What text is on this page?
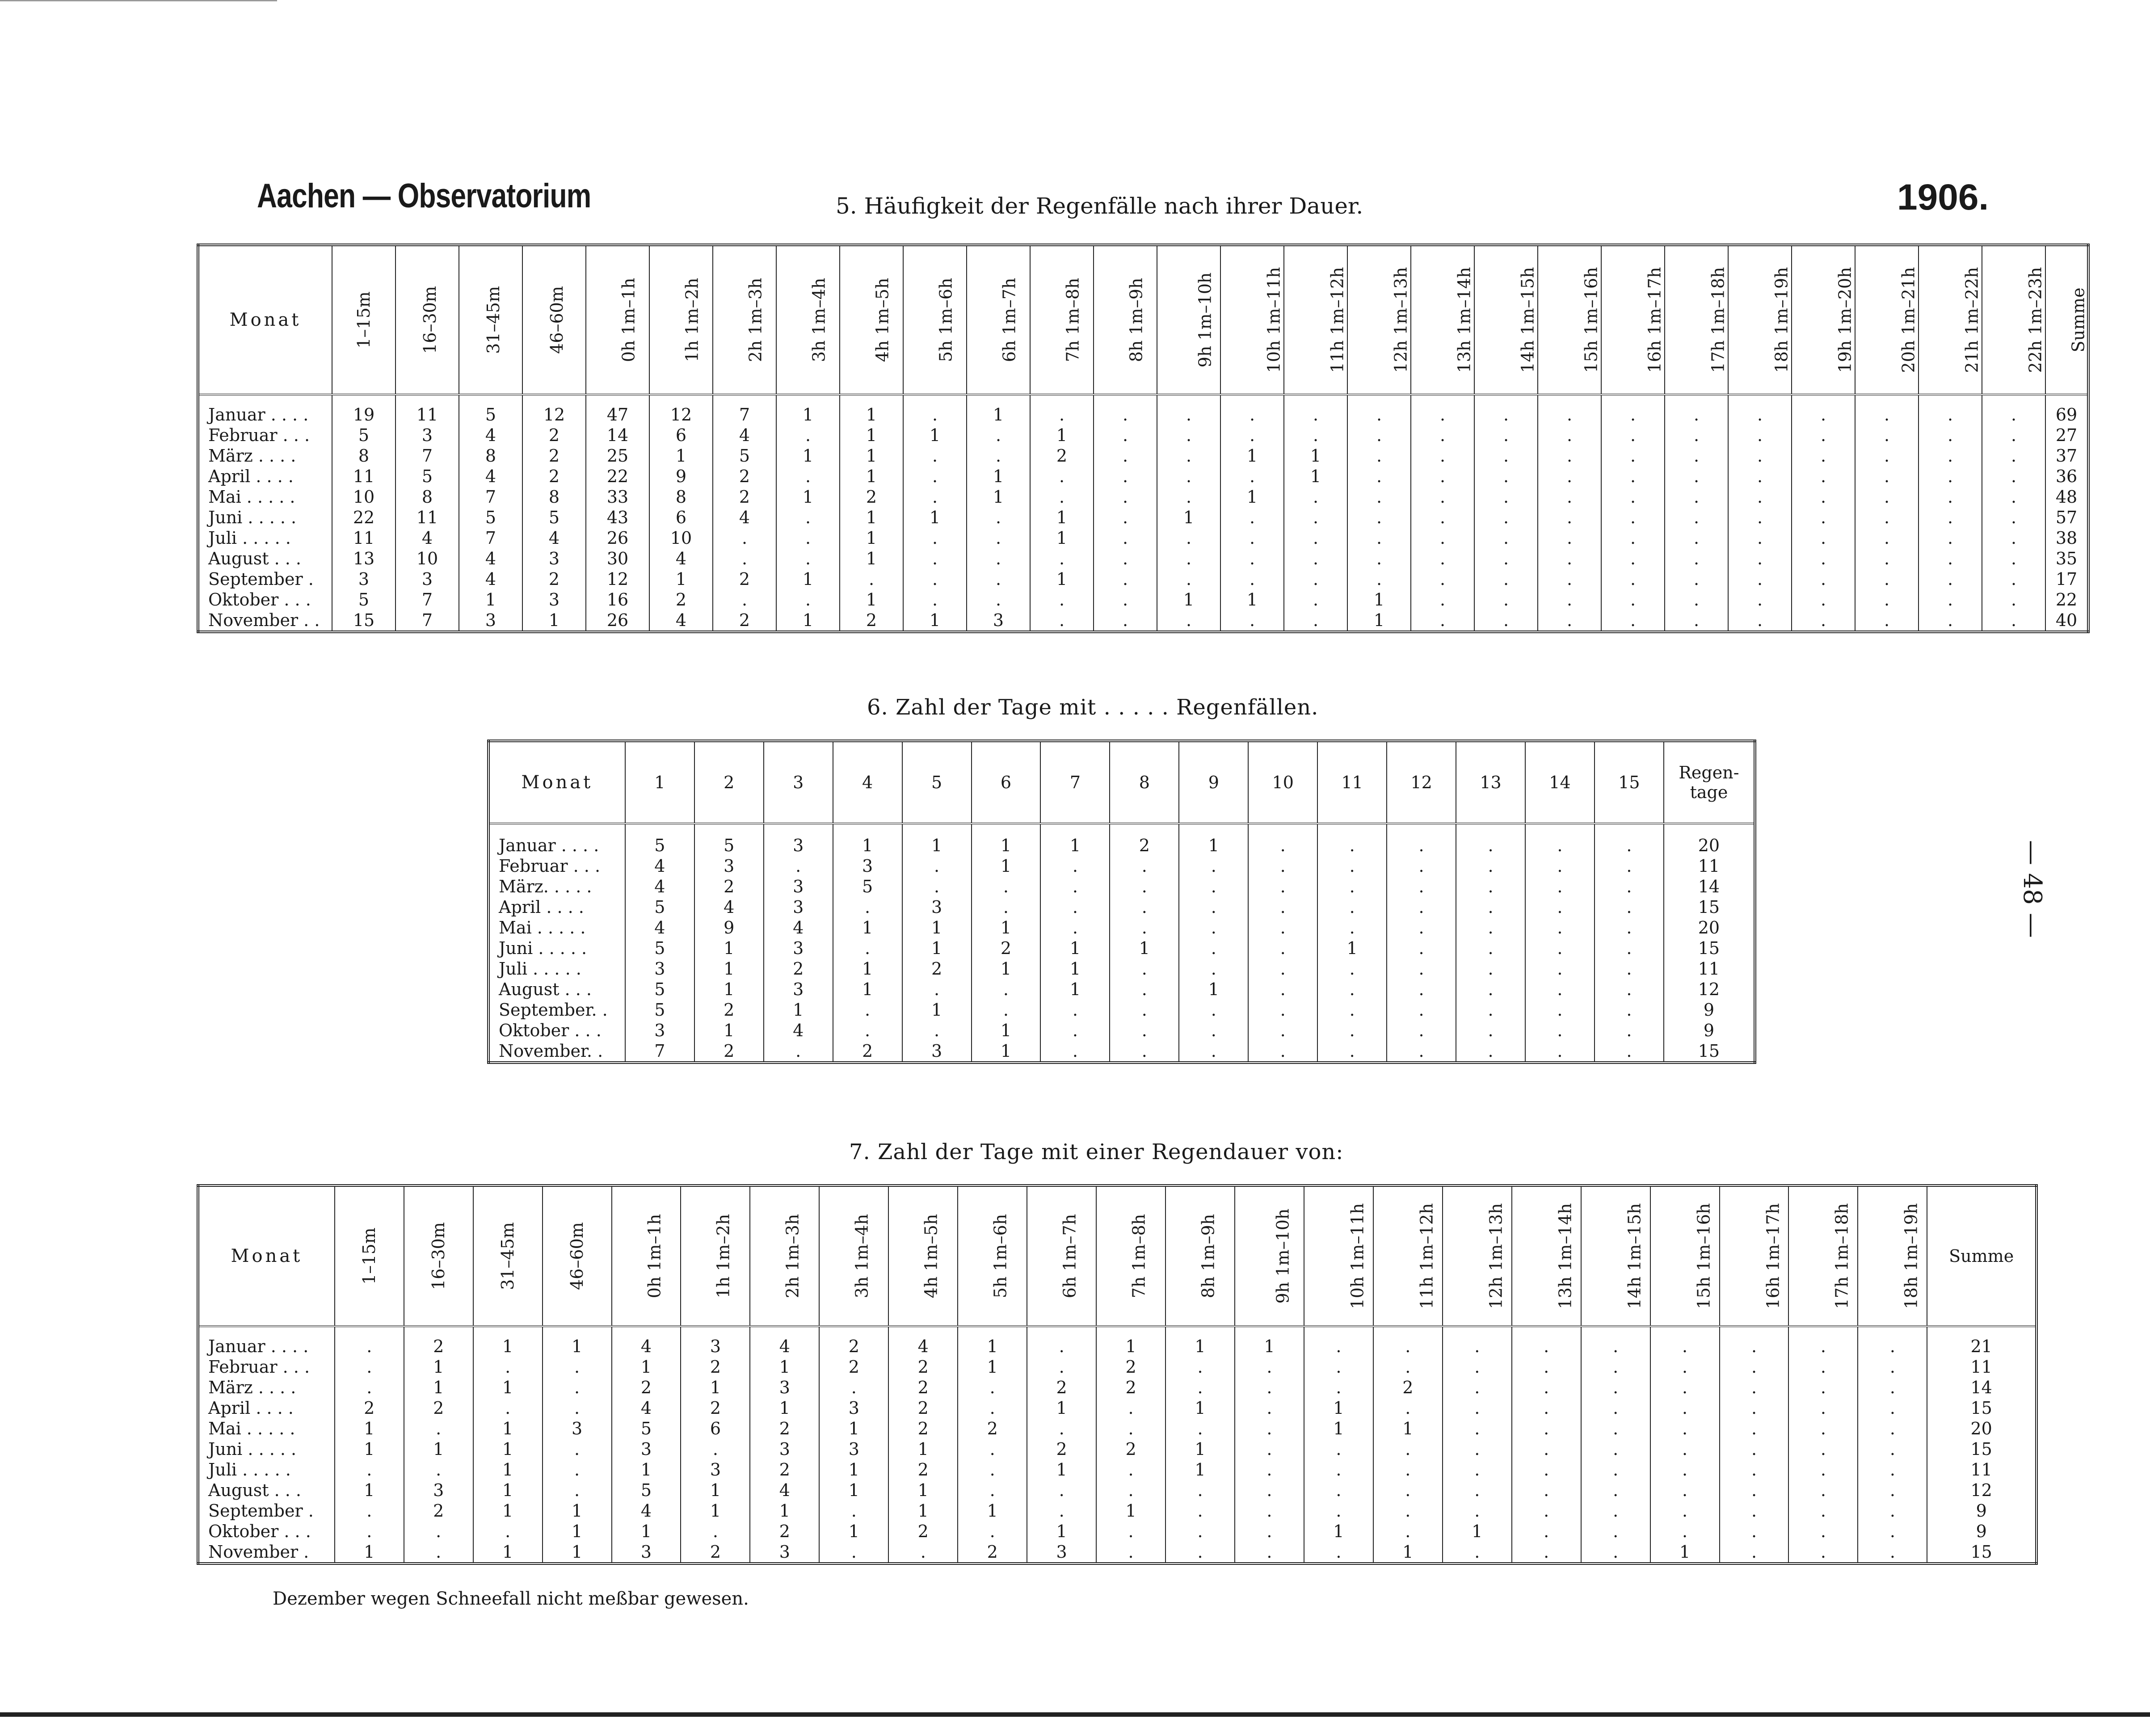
Aachen — Observatorium	5. Häufigkeit der Regenfälle nach ihrer Dauer.	1906.
— 48 —
Monat	1–15m	16–30m	31–45m	46–60m	0h 1m–1h	1h 1m–2h	2h 1m–3h	3h 1m–4h	4h 1m–5h	5h 1m–6h	6h 1m–7h	7h 1m–8h	8h 1m–9h	9h 1m–10h	10h 1m–11h	11h 1m–12h	12h 1m–13h	13h 1m–14h	14h 1m–15h	15h 1m–16h	16h 1m–17h	17h 1m–18h	18h 1m–19h	19h 1m–20h	20h 1m–21h	21h 1m–22h	22h 1m–23h	Summe

Januar . . . .	19	11	5	12	47	12	7	1	1	.	1	.	.	.	.	.	.	.	.	.	.	.	.	.	.	.	.	69
Februar . . .	5	3	4	2	14	6	4	.	1	1	.	1	.	.	.	.	.	.	.	.	.	.	.	.	.	.	.	27
März . . . .	8	7	8	2	25	1	5	1	1	.	.	2	.	.	1	1	.	.	.	.	.	.	.	.	.	.	.	37
April . . . .	11	5	4	2	22	9	2	.	1	.	1	.	.	.	.	1	.	.	.	.	.	.	.	.	.	.	.	36
Mai . . . . .	10	8	7	8	33	8	2	1	2	.	1	.	.	.	1	.	.	.	.	.	.	.	.	.	.	.	.	48
Juni . . . . .	22	11	5	5	43	6	4	.	1	1	.	1	.	1	.	.	.	.	.	.	.	.	.	.	.	.	.	57
Juli . . . . .	11	4	7	4	26	10	.	.	1	.	.	1	.	.	.	.	.	.	.	.	.	.	.	.	.	.	.	38
August . . .	13	10	4	3	30	4	.	.	1	.	.	.	.	.	.	.	.	.	.	.	.	.	.	.	.	.	.	35
September .	3	3	4	2	12	1	2	1	.	.	.	1	.	.	.	.	.	.	.	.	.	.	.	.	.	.	.	17
Oktober . . .	5	7	1	3	16	2	.	.	1	.	.	.	.	1	1	.	1	.	.	.	.	.	.	.	.	.	.	22
November . .	15	7	3	1	26	4	2	1	2	1	3	.	.	.	.	.	1	.	.	.	.	.	.	.	.	.	.	40
6. Zahl der Tage mit . . . . . Regenfällen.
Monat	1	2	3	4	5	6	7	8	9	10	11	12	13	14	15	Regen-tage

Januar . . . .	5	5	3	1	1	1	1	2	1	.	.	.	.	.	.	20
Februar . . .	4	3	.	3	.	1	.	.	.	.	.	.	.	.	.	11
März. . . . .	4	2	3	5	.	.	.	.	.	.	.	.	.	.	.	14
April . . . .	5	4	3	.	3	.	.	.	.	.	.	.	.	.	.	15
Mai . . . . .	4	9	4	1	1	1	.	.	.	.	.	.	.	.	.	20
Juni . . . . .	5	1	3	.	1	2	1	1	.	.	1	.	.	.	.	15
Juli . . . . .	3	1	2	1	2	1	1	.	.	.	.	.	.	.	.	11
August . . .	5	1	3	1	.	.	1	.	1	.	.	.	.	.	.	12
September. .	5	2	1	.	1	.	.	.	.	.	.	.	.	.	.	9
Oktober . . .	3	1	4	.	.	1	.	.	.	.	.	.	.	.	.	9
November. .	7	2	.	2	3	1	.	.	.	.	.	.	.	.	.	15
7. Zahl der Tage mit einer Regendauer von:
Monat	1–15m	16–30m	31–45m	46–60m	0h 1m–1h	1h 1m–2h	2h 1m–3h	3h 1m–4h	4h 1m–5h	5h 1m–6h	6h 1m–7h	7h 1m–8h	8h 1m–9h	9h 1m–10h	10h 1m–11h	11h 1m–12h	12h 1m–13h	13h 1m–14h	14h 1m–15h	15h 1m–16h	16h 1m–17h	17h 1m–18h	18h 1m–19h	Summe

Januar . . . .	.	2	1	1	4	3	4	2	4	1	.	1	1	1	.	.	.	.	.	.	.	.	.	21
Februar . . .	.	1	.	.	1	2	1	2	2	1	.	2	.	.	.	.	.	.	.	.	.	.	.	11
März . . . .	.	1	1	.	2	1	3	.	2	.	2	2	.	.	.	2	.	.	.	.	.	.	.	14
April . . . .	2	2	.	.	4	2	1	3	2	.	1	.	1	.	1	.	.	.	.	.	.	.	.	15
Mai . . . . .	1	.	1	3	5	6	2	1	2	2	.	.	.	.	1	1	.	.	.	.	.	.	.	20
Juni . . . . .	1	1	1	.	3	.	3	3	1	.	2	2	1	.	.	.	.	.	.	.	.	.	.	15
Juli . . . . .	.	.	1	.	1	3	2	1	2	.	1	.	1	.	.	.	.	.	.	.	.	.	.	11
August . . .	1	3	1	.	5	1	4	1	1	.	.	.	.	.	.	.	.	.	.	.	.	.	.	12
September .	.	2	1	1	4	1	1	.	1	1	.	1	.	.	.	.	.	.	.	.	.	.	.	9
Oktober . . .	.	.	.	1	1	.	2	1	2	.	1	.	.	.	1	.	1	.	.	.	.	.	.	9
November .	1	.	1	1	3	2	3	.	.	2	3	.	.	.	.	1	.	.	.	1	.	.	.	15
Dezember wegen Schneefall nicht meßbar gewesen.
